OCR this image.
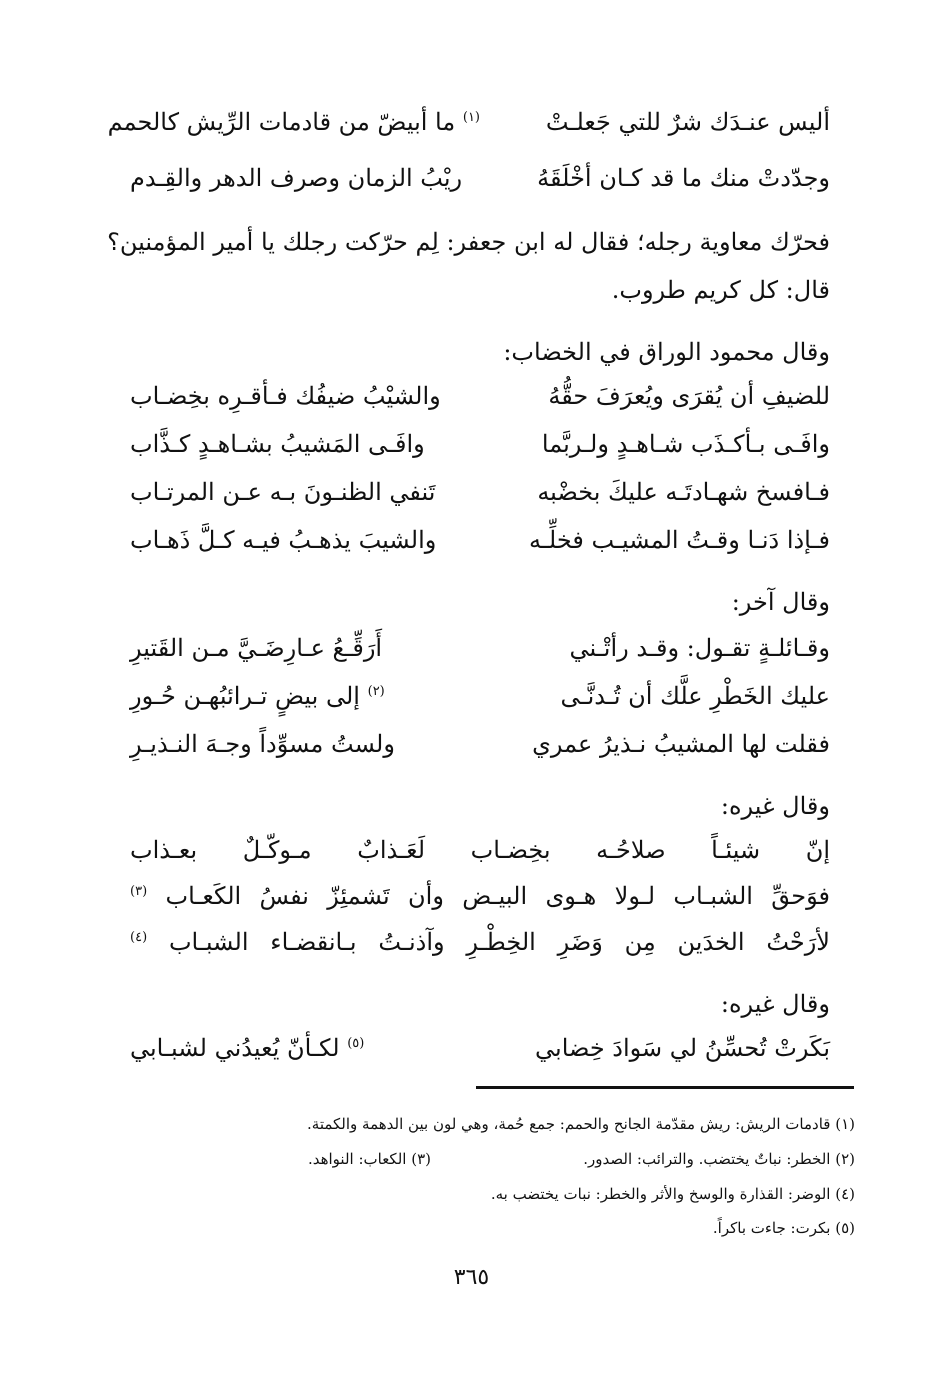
أليس عنـدَك شرٌ للتي جَعلـتْ
$^{(١)}$ ما أبيضّ من قادمات الرِّيش كالحمم
وجدّدتْ منك ما قد كـان أخْلَقَهُ
ريْبُ الزمان وصرف الدهر والقِـدم
فحرّك معاوية رجله؛ فقال له ابن جعفر: لِم حرّكت رجلك يا أمير المؤمنين؟
قال: كل كريم طروب.
وقال محمود الوراق في الخضاب:
للضيفِ أن يُقرَى ويُعرَفَ حقُّهُ
والشيْبُ ضيفُك فـأقـرِه بخِضـاب
وافَـى بـأكـذَب شـاهـدٍ ولـربَّما
وافَـى المَشيبُ بشـاهـدٍ كـذَّاب
فـافسخ شهـادتَـه عليكَ بخضْبه
تَنفي الظنـونَ بـه عـن المرتـاب
فـإذا دَنـا وقـتُ المشيـب فخلِّـه
والشيبَ يذهـبُ فيـه كـلَّ ذَهـاب
وقال آخر:
وقـائلـةٍ تقـول: وقـد رأتْـني
أَرَقِّـعُ عـارِضَـيَّ مـن القَتيرِ
عليك الخَطْرِ علَّك أن تُـدنَّـى
$^{(٢)}$ إلى بيضٍ تـرائبُهـن حُـورِ
فقلت لها المشيبُ نـذيرُ عمري
ولستُ مسوِّداً وجـهَ النـذيـرِ
وقال غيره:
إنّ شيئـاً صلاحُـه بخِضـاب لَعَـذابٌ مـوكّـلٌ بعـذاب
فوَحقِّ الشبـاب لـولا هـوى البيـض وأن تَشمئِزّ نفسُ الكَعـاب $^{(٣)}$
لأرَحْتُ الخدَين مِن وَضَرِ الخِطْـرِ وآذنـتُ بـانقضـاء الشبـاب $^{(٤)}$
وقال غيره:
بَكَرتْ تُحسِّنُ لي سَوادَ خِضابي
$^{(٥)}$ لكـأنّ يُعيدُني لشبـابي
(١) قادمات الريش: ريش مقدّمة الجانح والحمم: جمع حُمة، وهي لون بين الدهمة والكمتة.
(٢) الخطر: نباتٌ يختضب. والترائب: الصدور.
(٣) الكعاب: النواهد.
(٤) الوضر: القذارة والوسخ والأثر والخطر: نبات يختضب به.
(٥) بكرت: جاءت باكراً.
٣٦٥
